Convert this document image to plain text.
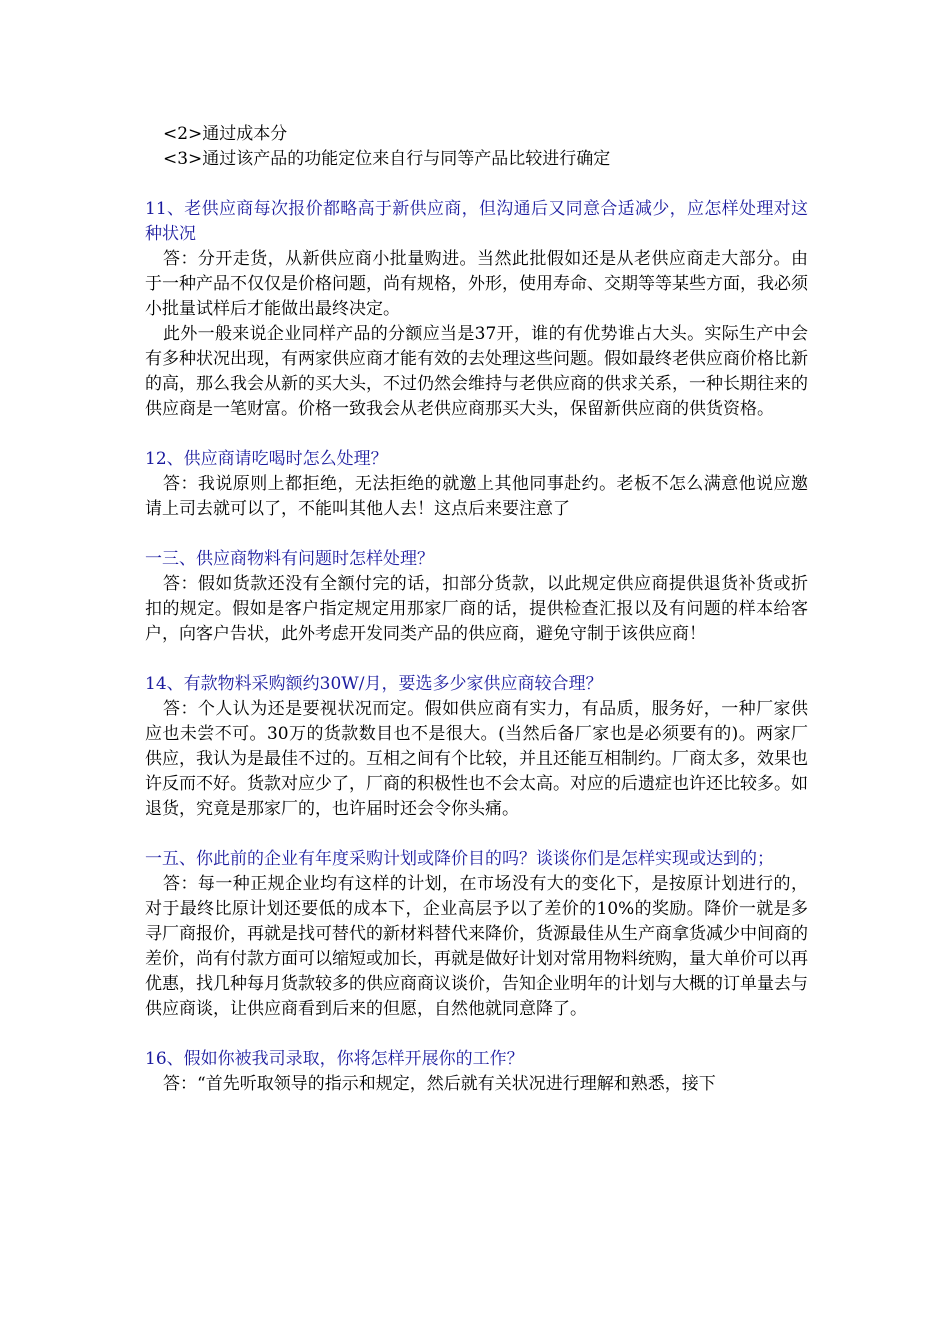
<2>通过成本分

<3>通过该产品的功能定位来自行与同等产品比较进行确定

11、老供应商每次报价都略高于新供应商，但沟通后又同意合适减少，应怎样处理对这种状况

答：分开走货，从新供应商小批量购进。当然此批假如还是从老供应商走大部分。由于一种产品不仅仅是价格问题，尚有规格，外形，使用寿命、交期等等某些方面，我必须小批量试样后才能做出最终决定。

此外一般来说企业同样产品的分额应当是37开，谁的有优势谁占大头。实际生产中会有多种状况出现，有两家供应商才能有效的去处理这些问题。假如最终老供应商价格比新的高，那么我会从新的买大头，不过仍然会维持与老供应商的供求关系，一种长期往来的供应商是一笔财富。价格一致我会从老供应商那买大头，保留新供应商的供货资格。

12、供应商请吃喝时怎么处理？

答：我说原则上都拒绝，无法拒绝的就邀上其他同事赴约。老板不怎么满意他说应邀请上司去就可以了，不能叫其他人去！这点后来要注意了

一三、供应商物料有问题时怎样处理？

答：假如货款还没有全额付完的话，扣部分货款，以此规定供应商提供退货补货或折扣的规定。假如是客户指定规定用那家厂商的话，提供检查汇报以及有问题的样本给客户，向客户告状，此外考虑开发同类产品的供应商，避免守制于该供应商！

14、有款物料采购额约30W/月，要选多少家供应商较合理？

答：个人认为还是要视状况而定。假如供应商有实力，有品质，服务好，一种厂家供应也未尝不可。30万的货款数目也不是很大。(当然后备厂家也是必须要有的)。两家厂供应，我认为是最佳不过的。互相之间有个比较，并且还能互相制约。厂商太多，效果也许反而不好。货款对应少了，厂商的积极性也不会太高。对应的后遗症也许还比较多。如退货，究竟是那家厂的，也许届时还会令你头痛。

一五、你此前的企业有年度采购计划或降价目的吗？谈谈你们是怎样实现或达到的；

答：每一种正规企业均有这样的计划，在市场没有大的变化下，是按原计划进行的，对于最终比原计划还要低的成本下，企业高层予以了差价的10%的奖励。降价一就是多寻厂商报价，再就是找可替代的新材料替代来降价，货源最佳从生产商拿货减少中间商的差价，尚有付款方面可以缩短或加长，再就是做好计划对常用物料统购，量大单价可以再优惠，找几种每月货款较多的供应商商议谈价，告知企业明年的计划与大概的订单量去与供应商谈，让供应商看到后来的但愿，自然他就同意降了。

16、假如你被我司录取，你将怎样开展你的工作？

答：“首先听取领导的指示和规定，然后就有关状况进行理解和熟悉，接下
